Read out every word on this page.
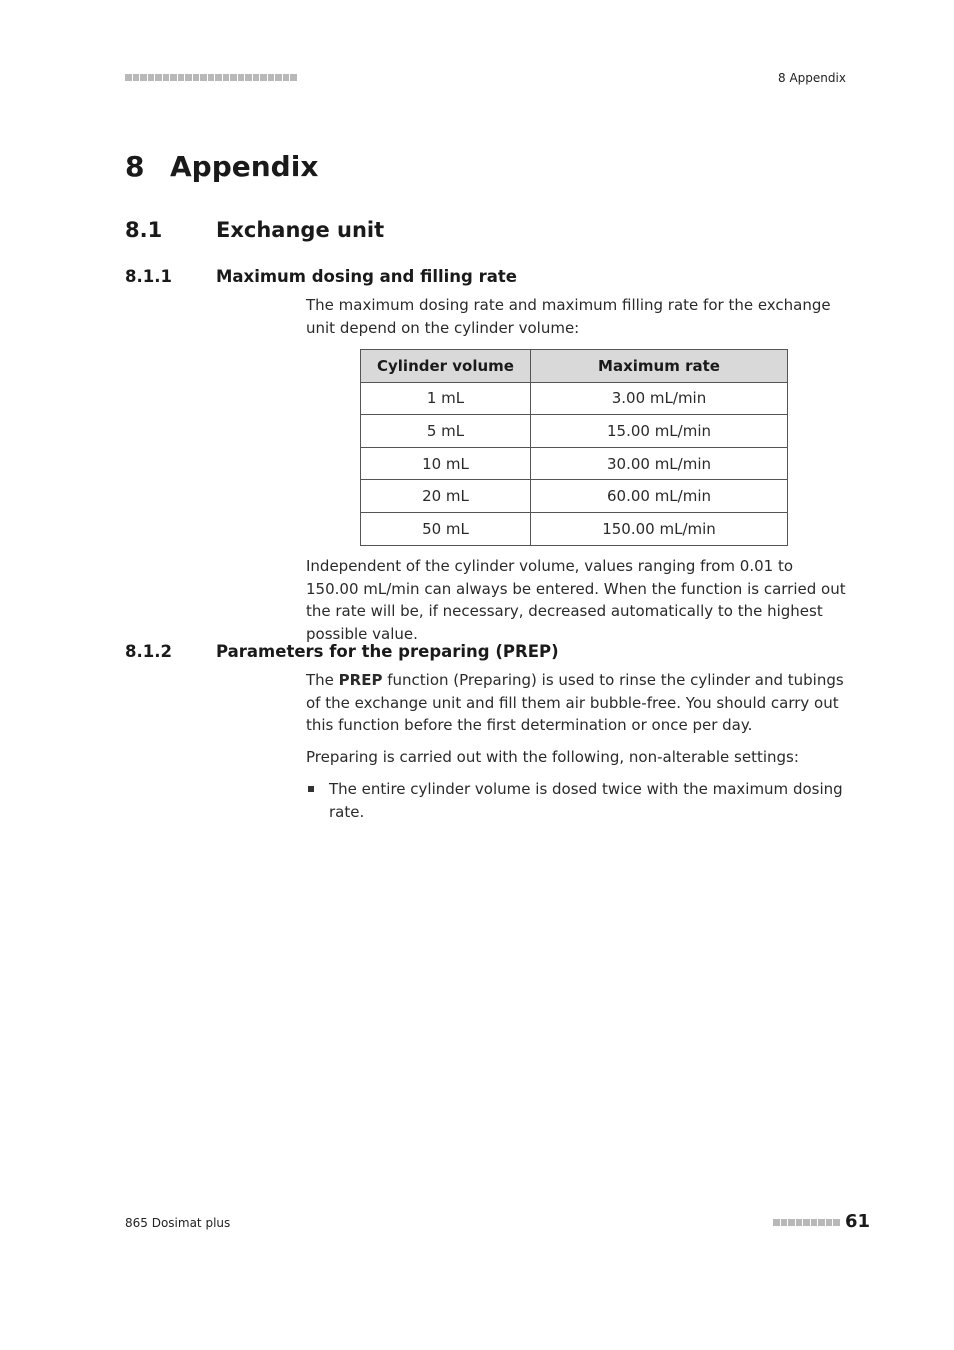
8 Appendix
8 Appendix
8.1	Exchange unit
8.1.1	Maximum dosing and filling rate
The maximum dosing rate and maximum filling rate for the exchange unit depend on the cylinder volume:
Cylinder volume	Maximum rate
1 mL	3.00 mL/min
5 mL	15.00 mL/min
10 mL	30.00 mL/min
20 mL	60.00 mL/min
50 mL	150.00 mL/min
Independent of the cylinder volume, values ranging from 0.01 to 150.00 mL/min can always be entered. When the function is carried out the rate will be, if necessary, decreased automatically to the highest possible value.
8.1.2	Parameters for the preparing (PREP)
The PREP function (Preparing) is used to rinse the cylinder and tubings of the exchange unit and fill them air bubble-free. You should carry out this function before the first determination or once per day.
Preparing is carried out with the following, non-alterable settings:
The entire cylinder volume is dosed twice with the maximum dosing rate.
865 Dosimat plus	61
